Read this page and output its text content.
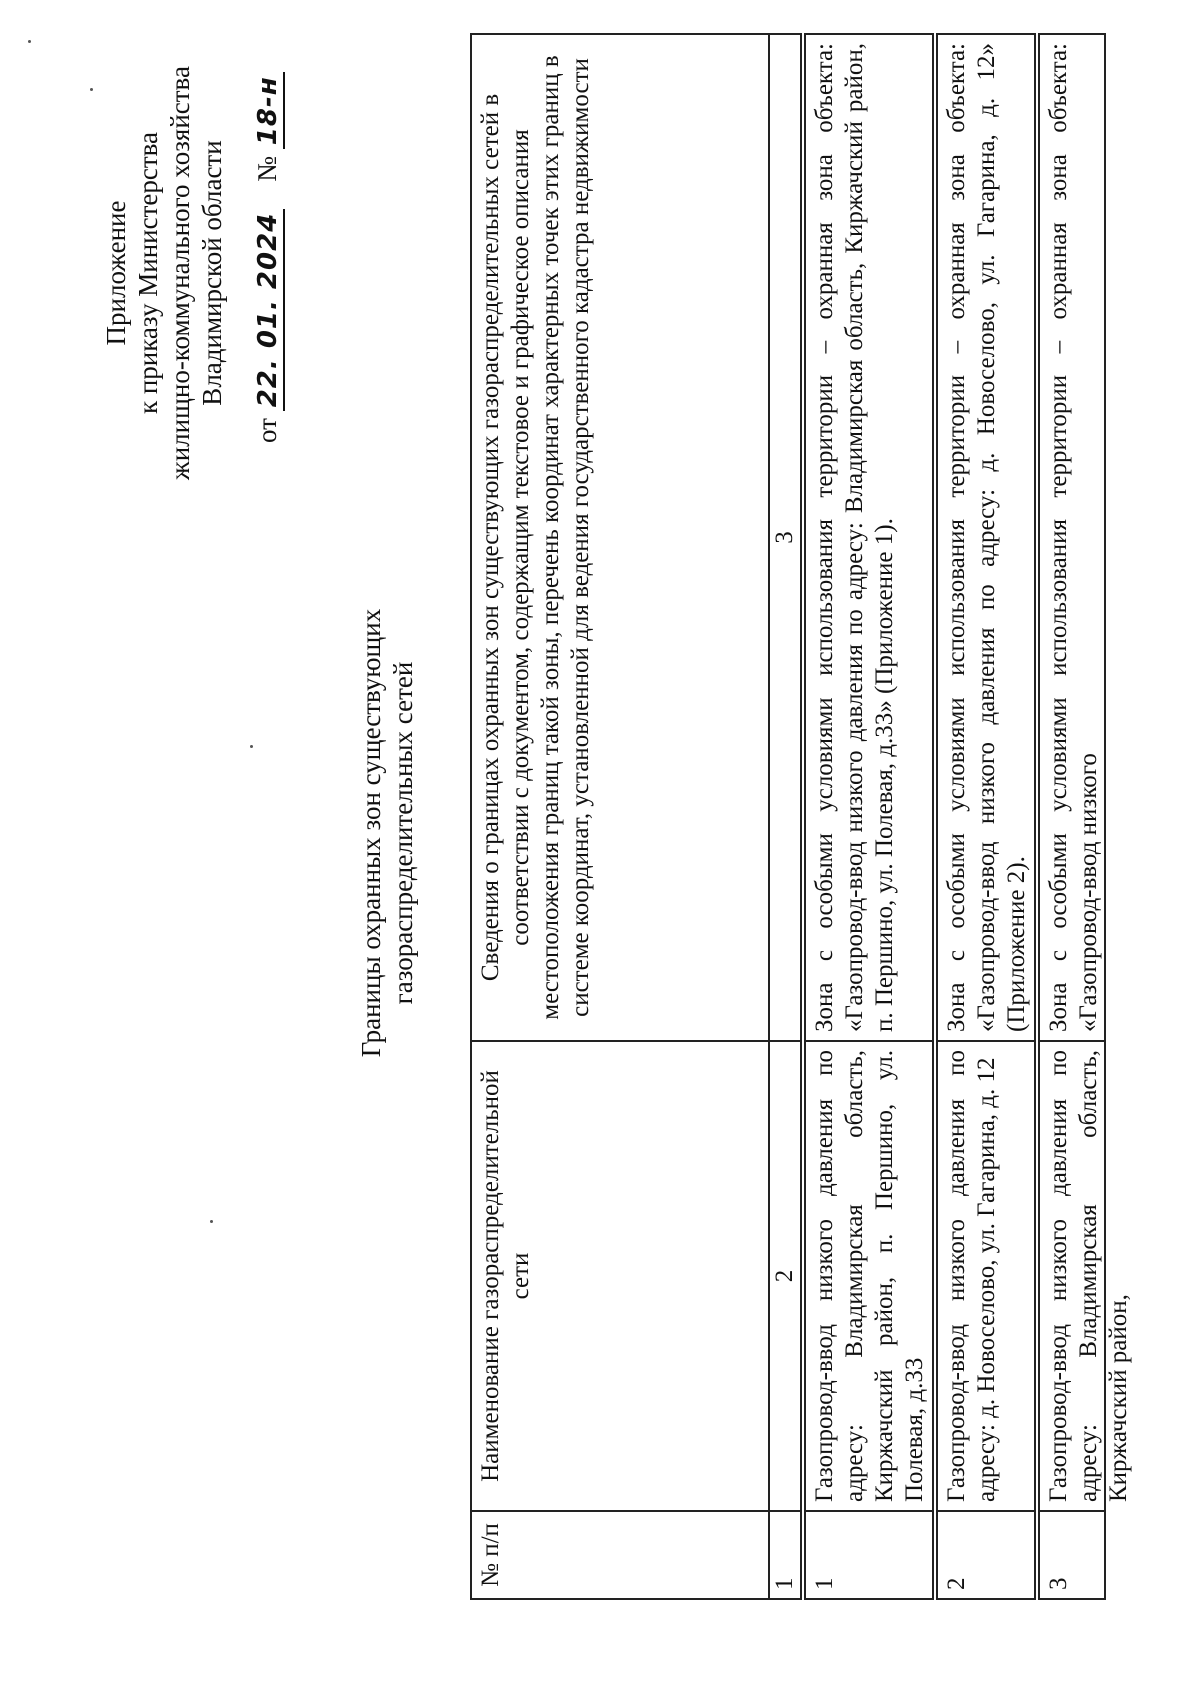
Приложение к приказу Министерства жилищно-коммунального хозяйства Владимирской области
от 22. 01. 2024    № 18-н
Границы охранных зон существующих газораспределительных сетей
№ п/п	Наименование газораспределительной сети	Сведения о границах охранных зон существующих газораспределительных сетей в соответствии с документом, содержащим текстовое и графическое описания местоположения границ такой зоны, перечень координат характерных точек этих границ в системе координат, установленной для ведения государственного кадастра недвижимости
1	2	3
1	Газопровод-ввод низкого давления по адресу: Владимирская область, Киржачский район, п. Першино, ул. Полевая, д.33	Зона с особыми условиями использования территории – охранная зона объекта: «Газопровод-ввод низкого давления по адресу: Владимирская область, Киржачский район, п. Першино, ул. Полевая, д.33» (Приложение 1).
2	Газопровод-ввод низкого давления по адресу: д. Новоселово, ул. Гагарина, д. 12	Зона с особыми условиями использования территории – охранная зона объекта: «Газопровод-ввод низкого давления по адресу: д. Новоселово, ул. Гагарина, д. 12» (Приложение 2).

3	Газопровод-ввод низкого давления по адресу: Владимирская область, Киржачский район,	Зона с особыми условиями использования территории – охранная зона объекта: «Газопровод-ввод низкого
